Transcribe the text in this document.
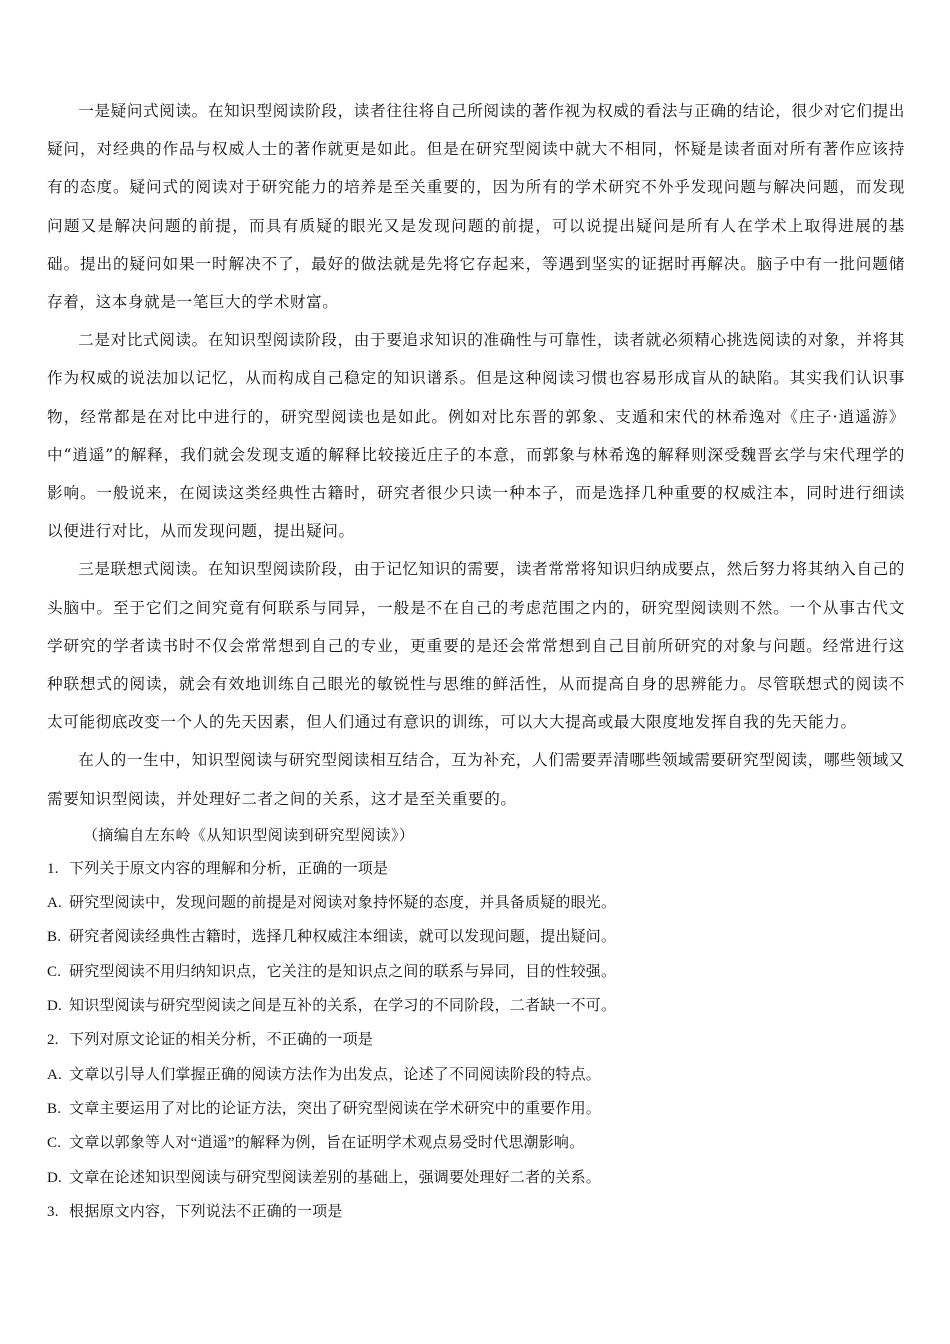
一是疑问式阅读。在知识型阅读阶段，读者往往将自己所阅读的著作视为权威的看法与正确的结论，很少对它们提出疑问，对经典的作品与权威人士的著作就更是如此。但是在研究型阅读中就大不相同，怀疑是读者面对所有著作应该持有的态度。疑问式的阅读对于研究能力的培养是至关重要的，因为所有的学术研究不外乎发现问题与解决问题，而发现问题又是解决问题的前提，而具有质疑的眼光又是发现问题的前提，可以说提出疑问是所有人在学术上取得进展的基础。提出的疑问如果一时解决不了，最好的做法就是先将它存起来，等遇到坚实的证据时再解决。脑子中有一批问题储存着，这本身就是一笔巨大的学术财富。

二是对比式阅读。在知识型阅读阶段，由于要追求知识的准确性与可靠性，读者就必须精心挑选阅读的对象，并将其作为权威的说法加以记忆，从而构成自己稳定的知识谱系。但是这种阅读习惯也容易形成盲从的缺陷。其实我们认识事物，经常都是在对比中进行的，研究型阅读也是如此。例如对比东晋的郭象、支遁和宋代的林希逸对《庄子·逍遥游》中“逍遥”的解释，我们就会发现支遁的解释比较接近庄子的本意，而郭象与林希逸的解释则深受魏晋玄学与宋代理学的影响。一般说来，在阅读这类经典性古籍时，研究者很少只读一种本子，而是选择几种重要的权威注本，同时进行细读以便进行对比，从而发现问题，提出疑问。

三是联想式阅读。在知识型阅读阶段，由于记忆知识的需要，读者常常将知识归纳成要点，然后努力将其纳入自己的头脑中。至于它们之间究竟有何联系与同异，一般是不在自己的考虑范围之内的，研究型阅读则不然。一个从事古代文学研究的学者读书时不仅会常常想到自己的专业，更重要的是还会常常想到自己目前所研究的对象与问题。经常进行这种联想式的阅读，就会有效地训练自己眼光的敏锐性与思维的鲜活性，从而提高自身的思辨能力。尽管联想式的阅读不太可能彻底改变一个人的先天因素，但人们通过有意识的训练，可以大大提高或最大限度地发挥自我的先天能力。

在人的一生中，知识型阅读与研究型阅读相互结合，互为补充，人们需要弄清哪些领域需要研究型阅读，哪些领域又需要知识型阅读，并处理好二者之间的关系，这才是至关重要的。

（摘编自左东岭《从知识型阅读到研究型阅读》）

1. 下列关于原文内容的理解和分析，正确的一项是

A. 研究型阅读中，发现问题的前提是对阅读对象持怀疑的态度，并具备质疑的眼光。

B. 研究者阅读经典性古籍时，选择几种权威注本细读，就可以发现问题，提出疑问。

C. 研究型阅读不用归纳知识点，它关注的是知识点之间的联系与异同，目的性较强。

D. 知识型阅读与研究型阅读之间是互补的关系，在学习的不同阶段，二者缺一不可。

2. 下列对原文论证的相关分析，不正确的一项是

A. 文章以引导人们掌握正确的阅读方法作为出发点，论述了不同阅读阶段的特点。

B. 文章主要运用了对比的论证方法，突出了研究型阅读在学术研究中的重要作用。

C. 文章以郭象等人对“逍遥”的解释为例，旨在证明学术观点易受时代思潮影响。

D. 文章在论述知识型阅读与研究型阅读差别的基础上，强调要处理好二者的关系。

3. 根据原文内容，下列说法不正确的一项是
